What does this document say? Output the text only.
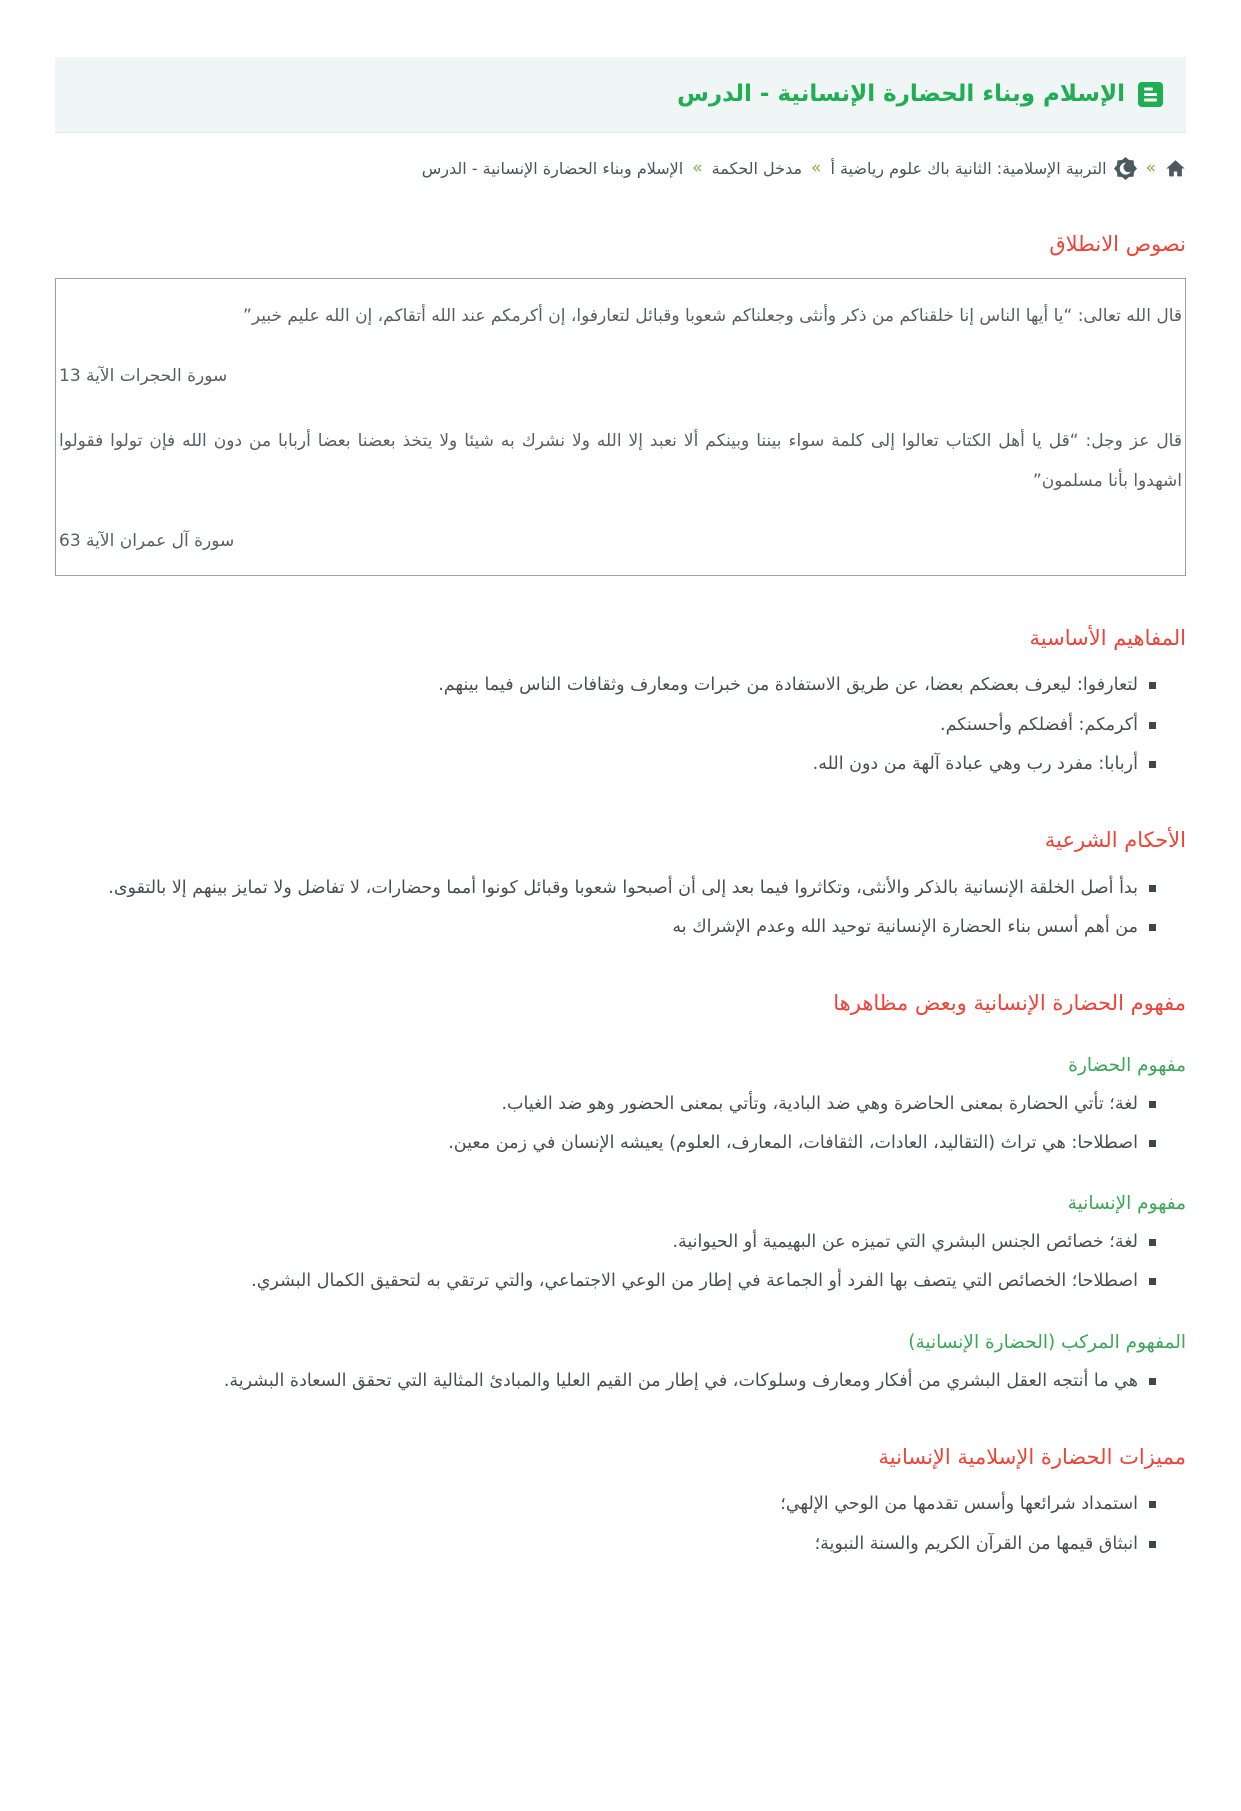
الإسلام وبناء الحضارة الإنسانية - الدرس
»
التربية الإسلامية: الثانية باك علوم رياضية أ
»
مدخل الحكمة
»
الإسلام وبناء الحضارة الإنسانية - الدرس
نصوص الانطلاق

قال الله تعالى: “يا أيها الناس إنا خلقناكم من ذكر وأنثى وجعلناكم شعوبا وقبائل لتعارفوا، إن أكرمكم عند الله أتقاكم، إن الله عليم خبير”

سورة الحجرات الآية 13

قال عز وجل: “قل يا أهل الكتاب تعالوا إلى كلمة سواء بيننا وبينكم ألا نعبد إلا الله ولا نشرك به شيئا ولا يتخذ بعضنا بعضا أربابا من دون الله فإن تولوا فقولوا اشهدوا بأنا مسلمون”

سورة آل عمران الآية 63

المفاهيم الأساسية
لتعارفوا: ليعرف بعضكم بعضا، عن طريق الاستفادة من خبرات ومعارف وثقافات الناس فيما بينهم.
أكرمكم: أفضلكم وأحسنكم.
أربابا: مفرد رب وهي عبادة آلهة من دون الله.
الأحكام الشرعية
بدأ أصل الخلقة الإنسانية بالذكر والأنثى، وتكاثروا فيما بعد إلى أن أصبحوا شعوبا وقبائل كونوا أمما وحضارات، لا تفاضل ولا تمايز بينهم إلا بالتقوى.
من أهم أسس بناء الحضارة الإنسانية توحيد الله وعدم الإشراك به
مفهوم الحضارة الإنسانية وبعض مظاهرها
مفهوم الحضارة
لغة؛ تأتي الحضارة بمعنى الحاضرة وهي ضد البادية، وتأتي بمعنى الحضور وهو ضد الغياب.
اصطلاحا: هي تراث (التقاليد، العادات، الثقافات، المعارف، العلوم) يعيشه الإنسان في زمن معين.
مفهوم الإنسانية
لغة؛ خصائص الجنس البشري التي تميزه عن البهيمية أو الحيوانية.
اصطلاحا؛ الخصائص التي يتصف بها الفرد أو الجماعة في إطار من الوعي الاجتماعي، والتي ترتقي به لتحقيق الكمال البشري.
المفهوم المركب (الحضارة الإنسانية)
هي ما أنتجه العقل البشري من أفكار ومعارف وسلوكات، في إطار من القيم العليا والمبادئ المثالية التي تحقق السعادة البشرية.
مميزات الحضارة الإسلامية الإنسانية
استمداد شرائعها وأسس تقدمها من الوحي الإلهي؛
انبثاق قيمها من القرآن الكريم والسنة النبوية؛
